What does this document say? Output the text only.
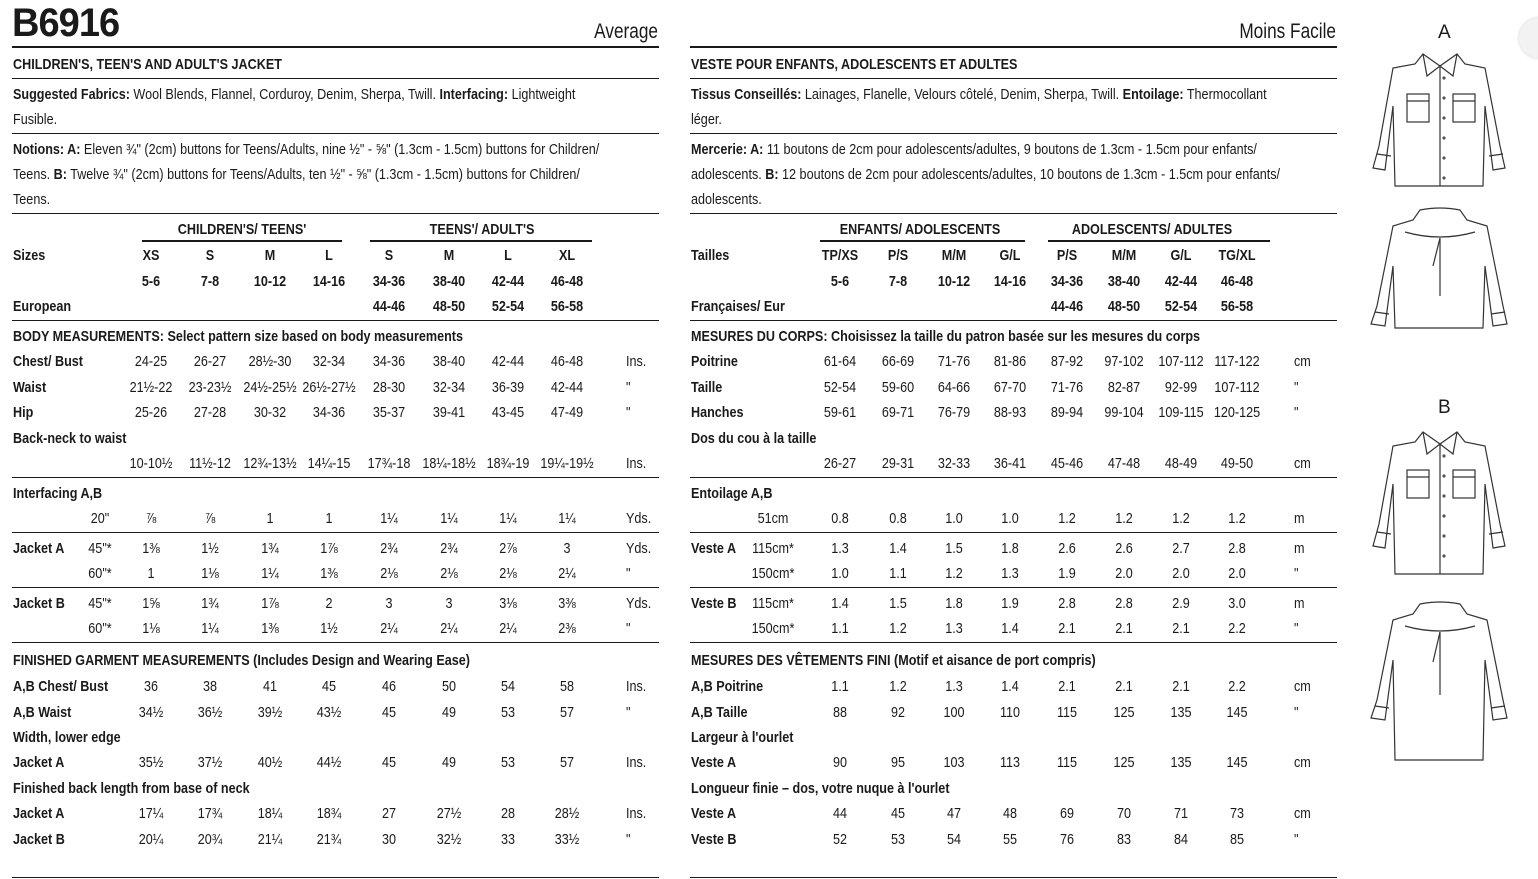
B6916	Average
CHILDREN'S, TEEN'S AND ADULT'S JACKET
Suggested Fabrics: Wool Blends, Flannel, Corduroy, Denim, Sherpa, Twill. Interfacing: Lightweight
Fusible.
Notions: A: Eleven ¾" (2cm) buttons for Teens/Adults, nine ½" - ⅝" (1.3cm - 1.5cm) buttons for Children/
Teens. B: Twelve ¾" (2cm) buttons for Teens/Adults, ten ½" - ⅝" (1.3cm - 1.5cm) buttons for Children/
Teens.
CHILDREN'S/ TEENS'	TEENS'/ ADULT'S
Sizes	XS	S	M	L	S	M	L	XL
5-6	7-8 10-12 14-16 34-36 38-40 42-44 46-48
European	44-46 48-50 52-54 56-58
BODY MEASUREMENTS: Select pattern size based on body measurements
Chest/ Bust	24-25 26-27 28½-30 32-34 34-36 38-40 42-44 46-48	Ins.
Waist	21½-22 23-23½ 24½-25½ 26½-27½ 28-30 32-34 36-39 42-44	"
Hip	25-26 27-28 30-32 34-36 35-37 39-41 43-45 47-49	"
Back-neck to waist
10-10½ 11½-12 12¾-13½ 14¼-15 17¾-18 18¼-18½ 18¾-19 19¼-19½ Ins.
Interfacing A,B
20" ⅞	⅞	1	1	1¼	1¼	1¼	1¼	Yds.
Jacket A 45"* 1⅜	1½	1¾	1⅞	2¾	2¾	2⅞	3	Yds.
60"* 1	1⅛	1¼	1⅜	2⅛	2⅛	2⅛	2¼	"
Jacket B 45"* 1⅝	1¾	1⅞	2	3	3	3⅛	3⅜	Yds.
60"* 1⅛	1¼	1⅜	1½	2¼	2¼	2¼	2⅜	"
FINISHED GARMENT MEASUREMENTS (Includes Design and Wearing Ease)
A,B Chest/ Bust 36	38	41	45	46	50	54	58	Ins.
A,B Waist	34½ 36½ 39½ 43½	45	49	53	57	"
Width, lower edge
Jacket A	35½ 37½ 40½ 44½	45	49	53	57	Ins.
Finished back length from base of neck
Jacket A	17¼ 17¾ 18¼ 18¾	27	27½	28	28½	Ins.
Jacket B	20¼ 20¾ 21¼ 21¾	30	32½	33	33½	"
Moins Facile
VESTE POUR ENFANTS, ADOLESCENTS ET ADULTES
Tissus Conseillés: Lainages, Flanelle, Velours côtelé, Denim, Sherpa, Twill. Entoilage: Thermocollant
léger.
Mercerie: A: 11 boutons de 2cm pour adolescents/adultes, 9 boutons de 1.3cm - 1.5cm pour enfants/
adolescents. B: 12 boutons de 2cm pour adolescents/adultes, 10 boutons de 1.3cm - 1.5cm pour enfants/
adolescents.
ENFANTS/ ADOLESCENTS	ADOLESCENTS/ ADULTES
Tailles	TP/XS P/S M/M G/L P/S M/M G/L TG/XL
5-6	7-8 10-12 14-16 34-36 38-40 42-44 46-48
Françaises/ Eur	44-46 48-50 52-54 56-58
MESURES DU CORPS: Choisissez la taille du patron basée sur les mesures du corps
Poitrine	61-64 66-69 71-76 81-86 87-92 97-102 107-112 117-122 cm
Taille	52-54 59-60 64-66 67-70 71-76 82-87 92-99 107-112 "
Hanches	59-61 69-71 76-79 88-93 89-94 99-104 109-115 120-125 "
Dos du cou à la taille
26-27 29-31 32-33 36-41 45-46 47-48 48-49 49-50	cm
Entoilage A,B
51cm	0.8	0.8	1.0	1.0	1.2	1.2	1.2	1.2	m
Veste A 115cm* 1.3	1.4	1.5	1.8	2.6	2.6	2.7	2.8	m
150cm* 1.0	1.1	1.2	1.3	1.9	2.0	2.0	2.0	"
Veste B 115cm* 1.4	1.5	1.8	1.9	2.8	2.8	2.9	3.0	m
150cm* 1.1	1.2	1.3	1.4	2.1	2.1	2.1	2.2	"
MESURES DES VÊTEMENTS FINI (Motif et aisance de port compris)
A,B Poitrine	1.1	1.2	1.3	1.4	2.1	2.1	2.1	2.2	cm
A,B Taille	88	92	100 110 115 125 135 145	"
Largeur à l'ourlet
Veste A	90	95	103 113 115 125 135 145	cm
Longueur finie – dos, votre nuque à l'ourlet
Veste A	44	45	47	48	69	70	71	73	cm
Veste B	52	53	54	55	76	83	84	85	"
A
B
